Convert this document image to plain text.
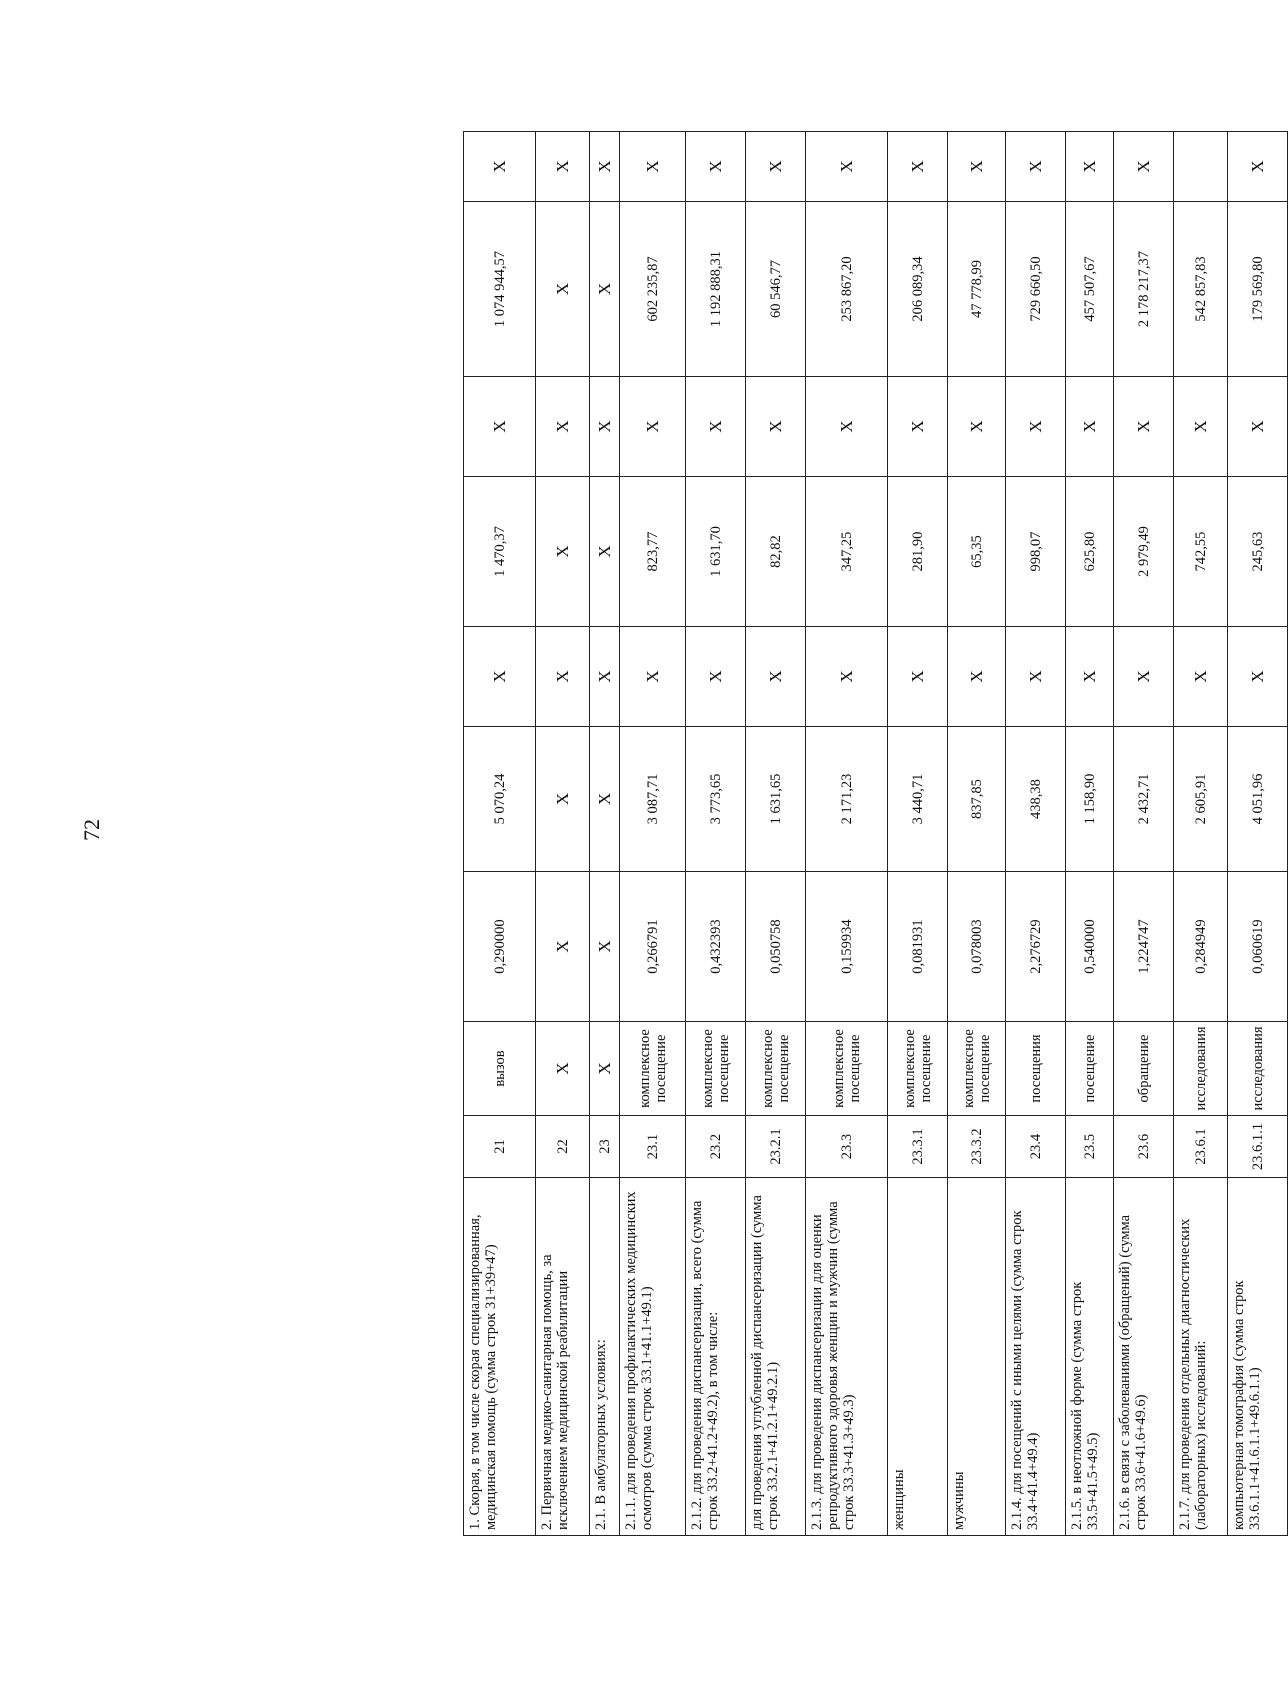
72
1. Скорая, в том числе скорая специализированная, медицинская помощь (сумма строк 31+39+47)	21	вызов	0,290000	5 070,24	Х	1 470,37	Х	1 074 944,57	Х
2. Первичная медико-санитарная помощь, за исключением медицинской реабилитации	22	Х	Х	Х	Х	Х	Х	Х	Х
2.1. В амбулаторных условиях:	23	Х	Х	Х	Х	Х	Х	Х	Х
2.1.1. для проведения профилактических медицинских осмотров (сумма строк 33.1+41.1+49.1)	23.1	комплексное посещение	0,266791	3 087,71	Х	823,77	Х	602 235,87	Х
2.1.2. для проведения диспансеризации, всего (сумма строк 33.2+41.2+49.2), в том числе:	23.2	комплексное посещение	0,432393	3 773,65	Х	1 631,70	Х	1 192 888,31	Х
для проведения углубленной диспансеризации (сумма строк 33.2.1+41.2.1+49.2.1)	23.2.1	комплексное посещение	0,050758	1 631,65	Х	82,82	Х	60 546,77	Х
2.1.3. для проведения диспансеризации для оценки репродуктивного здоровья женщин и мужчин (сумма строк 33.3+41.3+49.3)	23.3	комплексное посещение	0,159934	2 171,23	Х	347,25	Х	253 867,20	Х
женщины	23.3.1	комплексное посещение	0,081931	3 440,71	Х	281,90	Х	206 089,34	Х
мужчины	23.3.2	комплексное посещение	0,078003	837,85	Х	65,35	Х	47 778,99	Х
2.1.4. для посещений с иными целями (сумма строк 33.4+41.4+49.4)	23.4	посещения	2,276729	438,38	Х	998,07	Х	729 660,50	Х
2.1.5. в неотложной форме (сумма строк 33.5+41.5+49.5)	23.5	посещение	0,540000	1 158,90	Х	625,80	Х	457 507,67	Х
2.1.6. в связи с заболеваниями (обращений) (сумма строк 33.6+41.6+49.6)	23.6	обращение	1,224747	2 432,71	Х	2 979,49	Х	2 178 217,37	Х
2.1.7. для проведения отдельных диагностических (лабораторных) исследований:	23.6.1	исследования	0,284949	2 605,91	Х	742,55	Х	542 857,83	
компьютерная томография (сумма строк 33.6.1.1+41.6.1.1+49.6.1.1)	23.6.1.1	исследования	0,060619	4 051,96	Х	245,63	Х	179 569,80	Х
